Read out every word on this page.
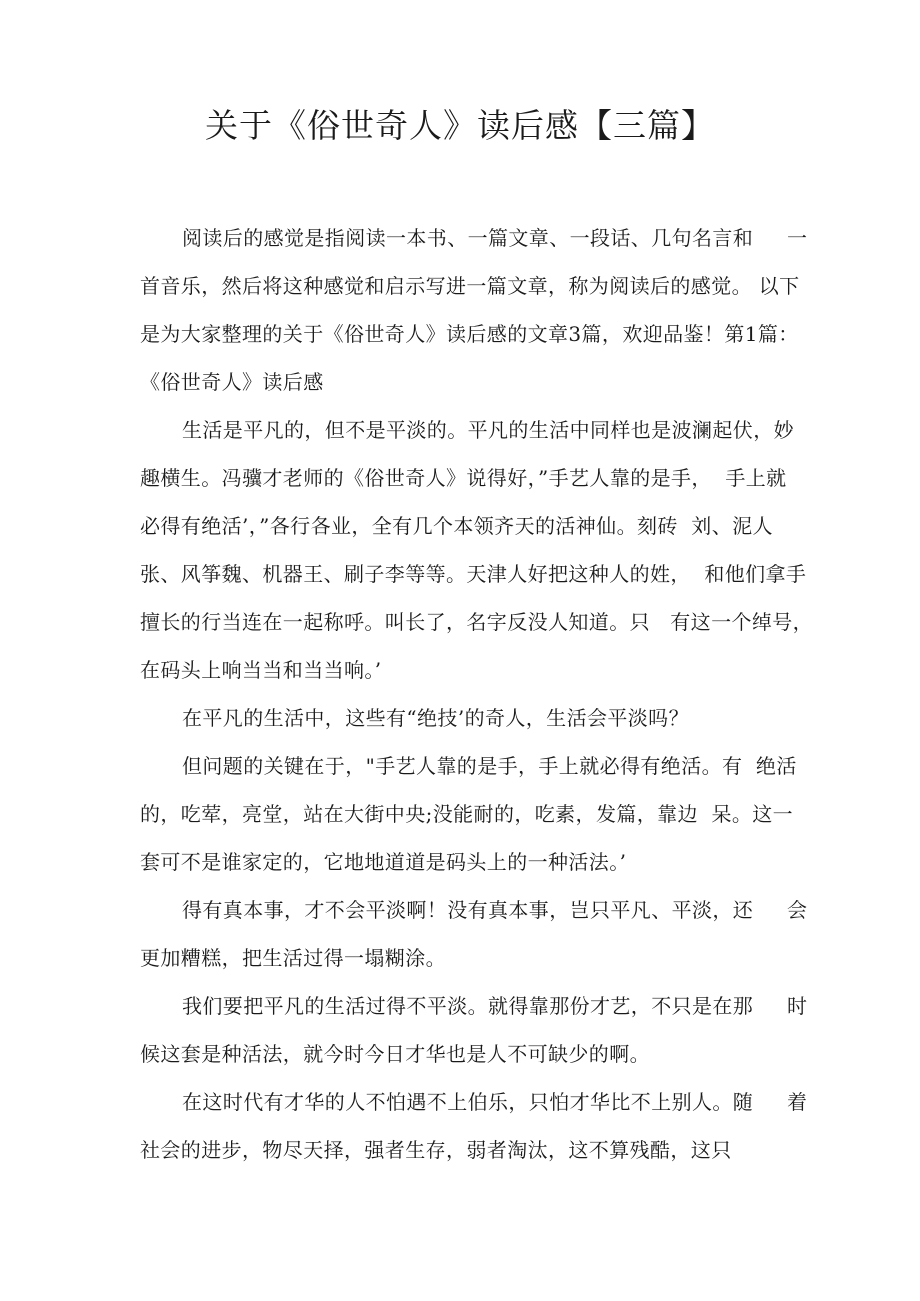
关于《俗世奇人》读后感【三篇】
阅读后的感觉是指阅读一本书、一篇文章、一段话、几句名言和     一
首音乐，然后将这种感觉和启示写进一篇文章，称为阅读后的感觉。 以下
是为大家整理的关于《俗世奇人》读后感的文章3篇，欢迎品鉴！第1篇：
《俗世奇人》读后感
生活是平凡的，但不是平淡的。平凡的生活中同样也是波澜起伏，妙
趣横生。冯骥才老师的《俗世奇人》说得好，”手艺人靠的是手，  手上就
必得有绝活’，”各行各业，全有几个本领齐天的活神仙。刻砖  刘、泥人
张、风筝魏、机器王、刷子李等等。天津人好把这种人的姓，  和他们拿手
擅长的行当连在一起称呼。叫长了，名字反没人知道。只   有这一个绰号，
在码头上响当当和当当响。’
在平凡的生活中，这些有“绝技’的奇人，生活会平淡吗？
但问题的关键在于，"手艺人靠的是手，手上就必得有绝活。有  绝活
的，吃荤，亮堂，站在大街中央;没能耐的，吃素，发篇，靠边  呆。这一
套可不是谁家定的，它地地道道是码头上的一种活法。’
得有真本事，才不会平淡啊！没有真本事，岂只平凡、平淡，还     会
更加糟糕，把生活过得一塌糊涂。
我们要把平凡的生活过得不平淡。就得靠那份才艺，不只是在那     时
候这套是种活法，就今时今日才华也是人不可缺少的啊。
在这时代有才华的人不怕遇不上伯乐，只怕才华比不上别人。随     着
社会的进步，物尽天择，强者生存，弱者淘汰，这不算残酷，这只
